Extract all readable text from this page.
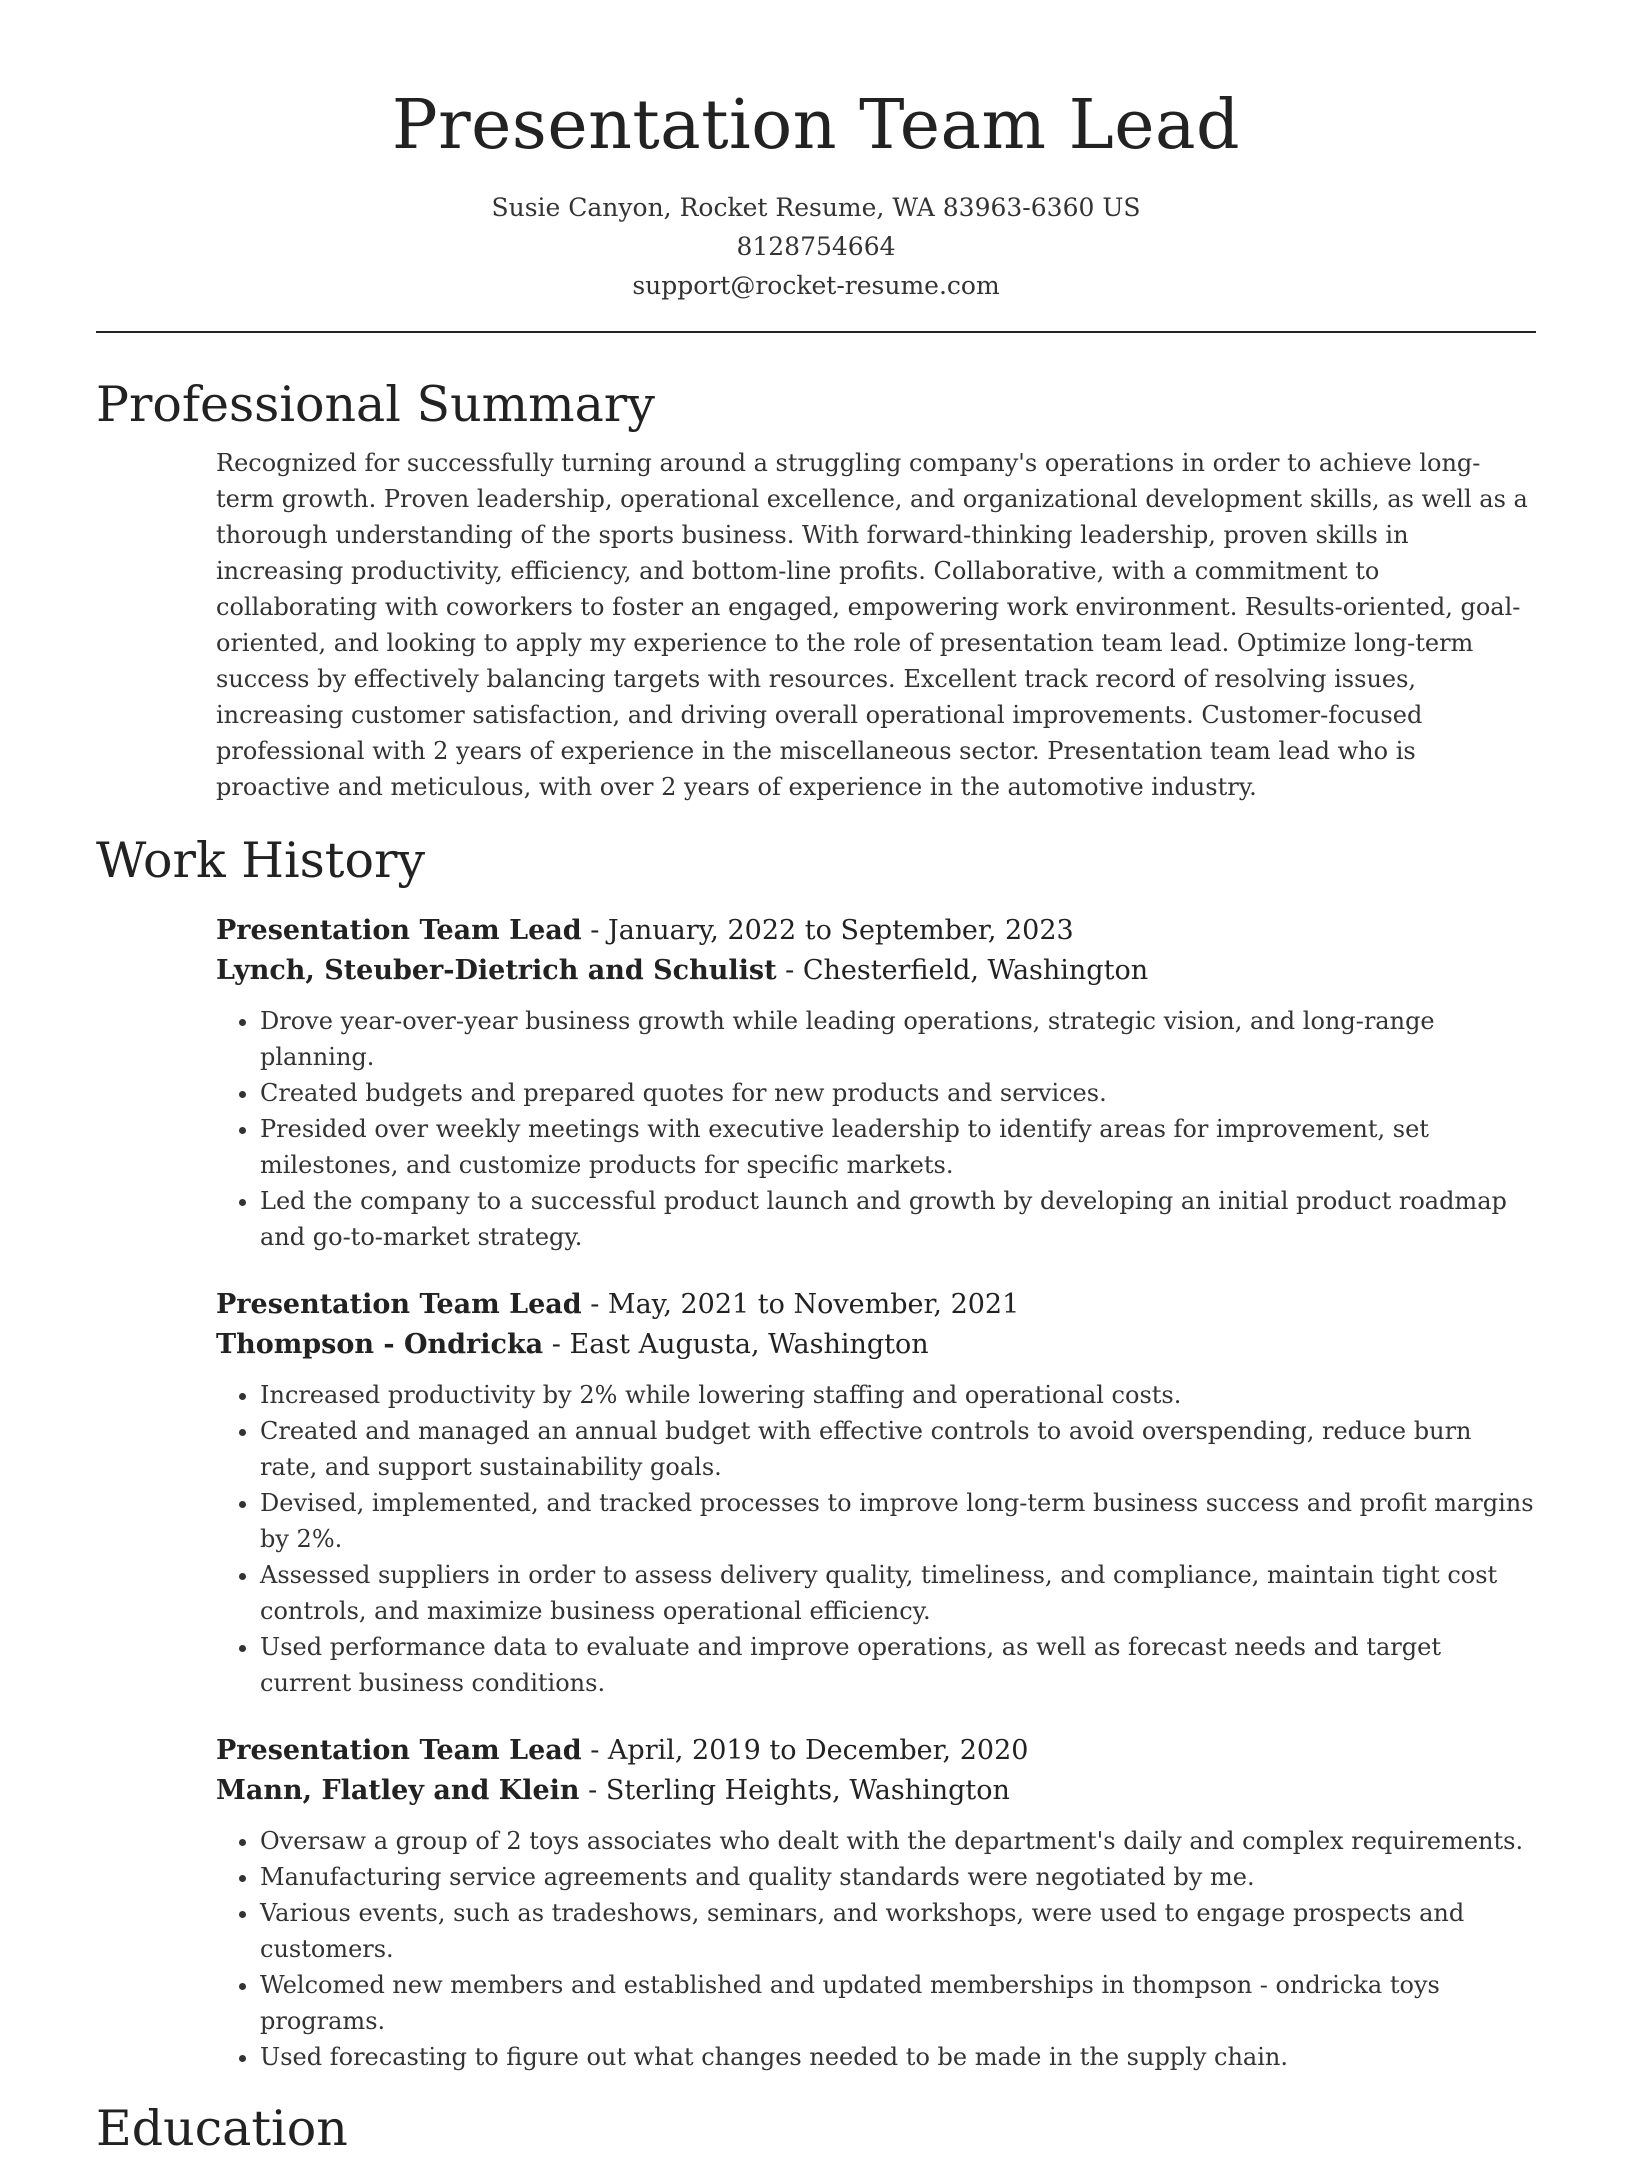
Presentation Team Lead
Susie Canyon, Rocket Resume, WA 83963-6360 US
8128754664
support@rocket-resume.com
Professional Summary

Recognized for successfully turning around a struggling company's operations in order to achieve long-term growth. Proven leadership, operational excellence, and organizational development skills, as well as a thorough understanding of the sports business. With forward-thinking leadership, proven skills in increasing productivity, efficiency, and bottom-line profits. Collaborative, with a commitment to collaborating with coworkers to foster an engaged, empowering work environment. Results-oriented, goal-oriented, and looking to apply my experience to the role of presentation team lead. Optimize long-term success by effectively balancing targets with resources. Excellent track record of resolving issues, increasing customer satisfaction, and driving overall operational improvements. Customer-focused professional with 2 years of experience in the miscellaneous sector. Presentation team lead who is proactive and meticulous, with over 2 years of experience in the automotive industry.

Work History
Presentation Team Lead - January, 2022 to September, 2023
Lynch, Steuber-Dietrich and Schulist - Chesterfield, Washington
• Drove year-over-year business growth while leading operations, strategic vision, and long-range planning.
• Created budgets and prepared quotes for new products and services.
• Presided over weekly meetings with executive leadership to identify areas for improvement, set milestones, and customize products for specific markets.
• Led the company to a successful product launch and growth by developing an initial product roadmap and go-to-market strategy.
Presentation Team Lead - May, 2021 to November, 2021
Thompson - Ondricka - East Augusta, Washington
• Increased productivity by 2% while lowering staffing and operational costs.
• Created and managed an annual budget with effective controls to avoid overspending, reduce burn rate, and support sustainability goals.
• Devised, implemented, and tracked processes to improve long-term business success and profit margins by 2%.
• Assessed suppliers in order to assess delivery quality, timeliness, and compliance, maintain tight cost controls, and maximize business operational efficiency.
• Used performance data to evaluate and improve operations, as well as forecast needs and target current business conditions.
Presentation Team Lead - April, 2019 to December, 2020
Mann, Flatley and Klein - Sterling Heights, Washington
• Oversaw a group of 2 toys associates who dealt with the department's daily and complex requirements.
• Manufacturing service agreements and quality standards were negotiated by me.
• Various events, such as tradeshows, seminars, and workshops, were used to engage prospects and customers.
• Welcomed new members and established and updated memberships in thompson - ondricka toys programs.
• Used forecasting to figure out what changes needed to be made in the supply chain.
Education
